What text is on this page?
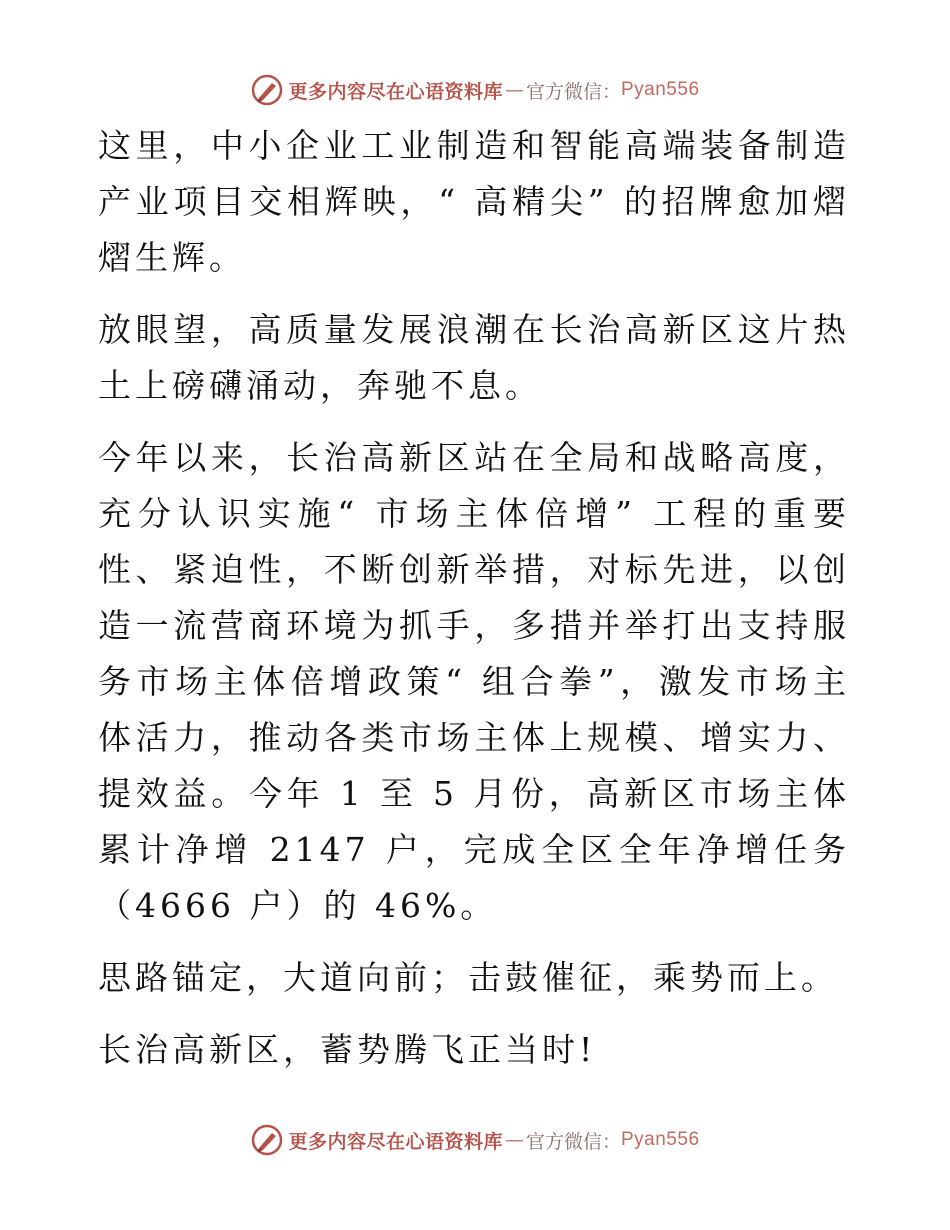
更多内容尽在心语资料库 — 官方微信： Pyan556

这里，中小企业工业制造和智能高端装备制造产业项目交相辉映，“ 高精尖” 的招牌愈加熠熠生辉。

放眼望，高质量发展浪潮在长治高新区这片热土上磅礴涌动，奔驰不息。

今年以来，长治高新区站在全局和战略高度，充分认识实施“ 市场主体倍增” 工程的重要性、紧迫性，不断创新举措，对标先进，以创造一流营商环境为抓手，多措并举打出支持服务市场主体倍增政策“ 组合拳”，激发市场主体活力，推动各类市场主体上规模、增实力、提效益。今年 1 至 5 月份，高新区市场主体累计净增 2147 户，完成全区全年净增任务（4666 户）的 46%。

思路锚定，大道向前；击鼓催征，乘势而上。

长治高新区，蓄势腾飞正当时!

更多内容尽在心语资料库 — 官方微信： Pyan556
